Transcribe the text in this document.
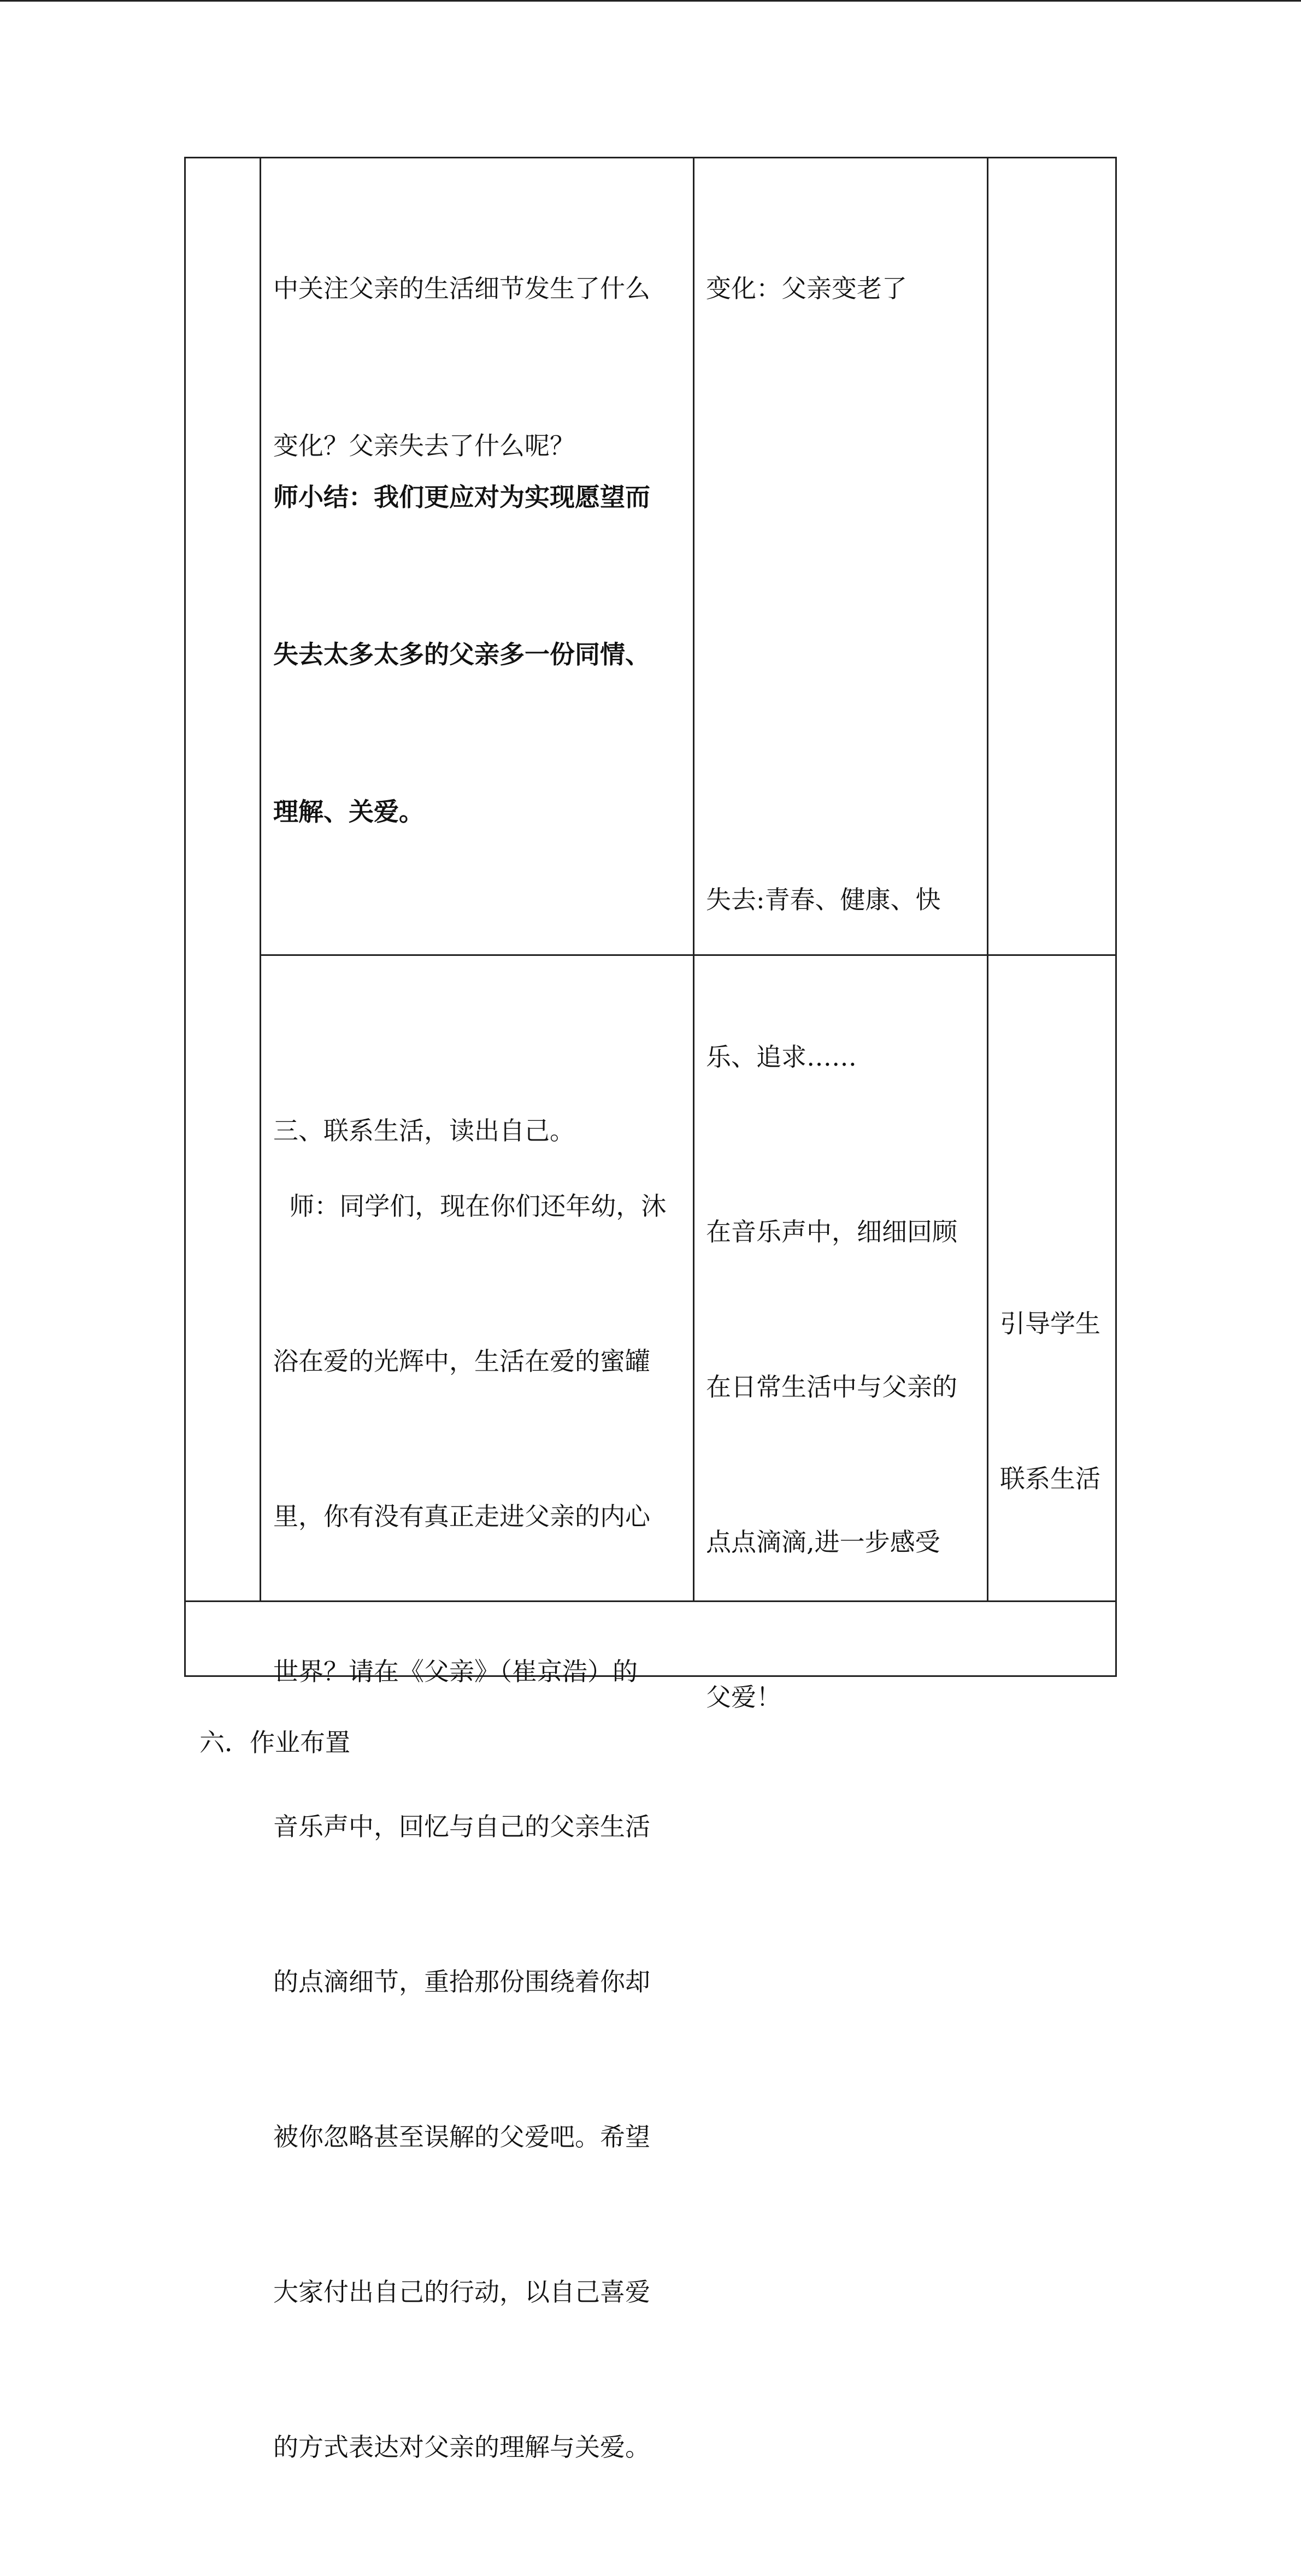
中关注父亲的生活细节发生了什么

变化？父亲失去了什么呢？

师小结：我们更应对为实现愿望而

失去太多太多的父亲多一份同情、

理解、关爱。

变化：父亲变老了

失去:青春、健康、快

乐、追求……

三、联系生活，读出自己。

师：同学们，现在你们还年幼，沐

浴在爱的光辉中，生活在爱的蜜罐

里，你有没有真正走进父亲的内心

世界？请在《父亲》（崔京浩）的

音乐声中，回忆与自己的父亲生活

的点滴细节，重拾那份围绕着你却

被你忽略甚至误解的父爱吧。希望

大家付出自己的行动，以自己喜爱

的方式表达对父亲的理解与关爱。

在音乐声中，细细回顾

在日常生活中与父亲的

点点滴滴,进一步感受

父爱！

引导学生

联系生活

六．作业布置
